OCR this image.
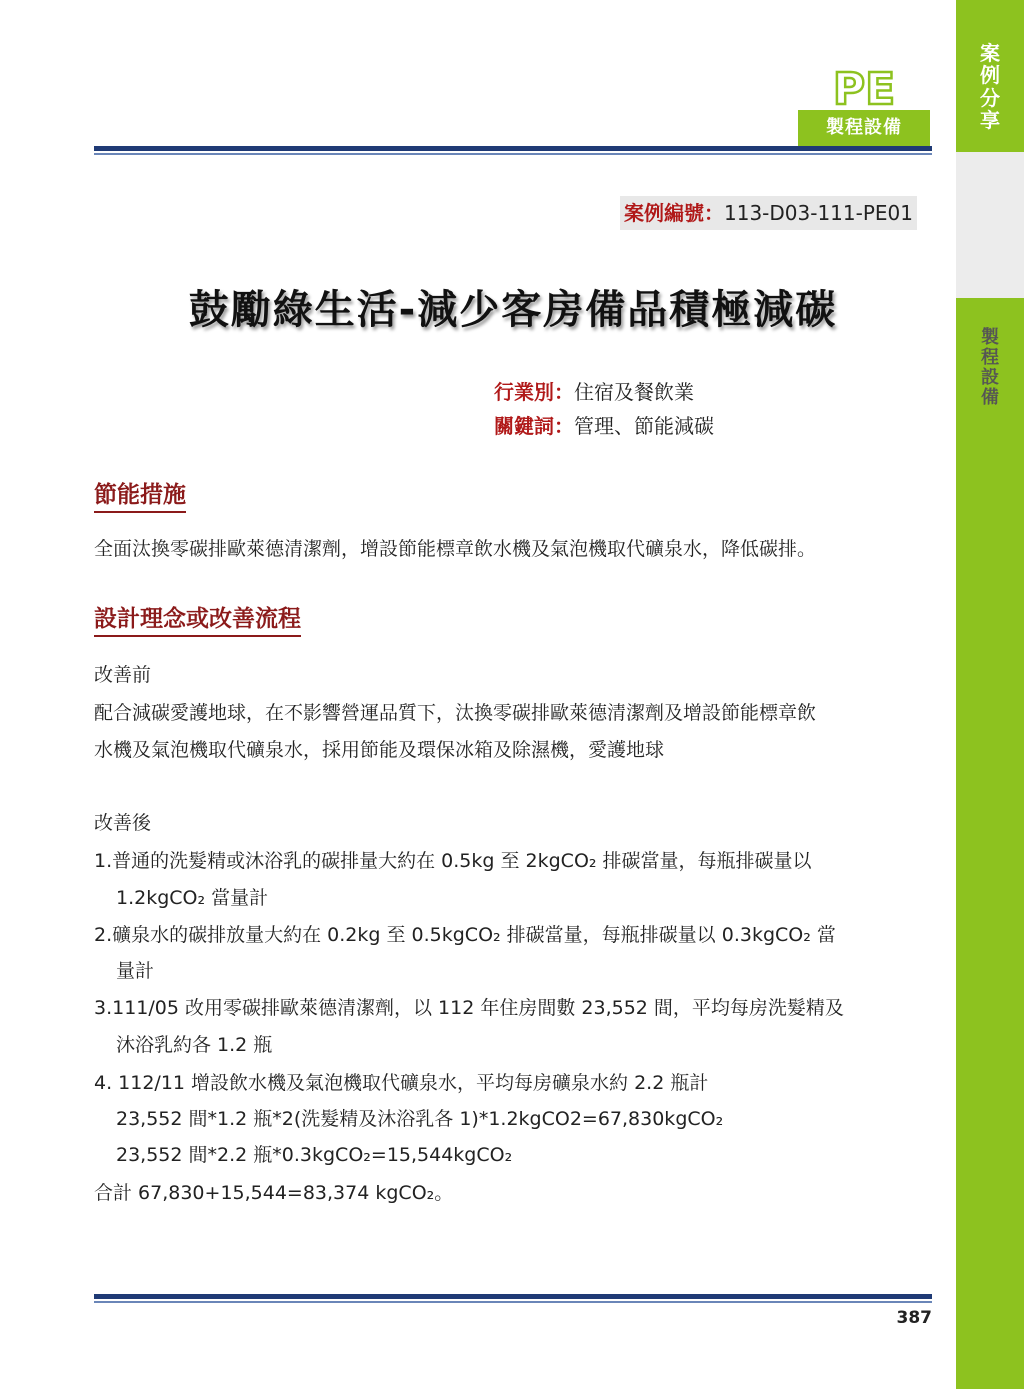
案
例
分
享
製
程
設
備
PE
製程設備
案例編號：113-D03-111-PE01
鼓勵綠生活-減少客房備品積極減碳
行業別：住宿及餐飲業
關鍵詞：管理、節能減碳
節能措施
全面汰換零碳排歐萊德清潔劑，增設節能標章飲水機及氣泡機取代礦泉水，降低碳排。
設計理念或改善流程
改善前
配合減碳愛護地球，在不影響營運品質下，汰換零碳排歐萊德清潔劑及增設節能標章飲
水機及氣泡機取代礦泉水，採用節能及環保冰箱及除濕機，愛護地球
改善後
1.普通的洗髮精或沐浴乳的碳排量大約在 0.5kg 至 2kgCO₂ 排碳當量，每瓶排碳量以
1.2kgCO₂ 當量計
2.礦泉水的碳排放量大約在 0.2kg 至 0.5kgCO₂ 排碳當量，每瓶排碳量以 0.3kgCO₂ 當
量計
3.111/05 改用零碳排歐萊德清潔劑，以 112 年住房間數 23,552 間，平均每房洗髮精及
沐浴乳約各 1.2 瓶
4. 112/11 增設飲水機及氣泡機取代礦泉水，平均每房礦泉水約 2.2 瓶計
23,552 間*1.2 瓶*2(洗髮精及沐浴乳各 1)*1.2kgCO2=67,830kgCO₂
23,552 間*2.2 瓶*0.3kgCO₂=15,544kgCO₂
合計 67,830+15,544=83,374 kgCO₂。
387
